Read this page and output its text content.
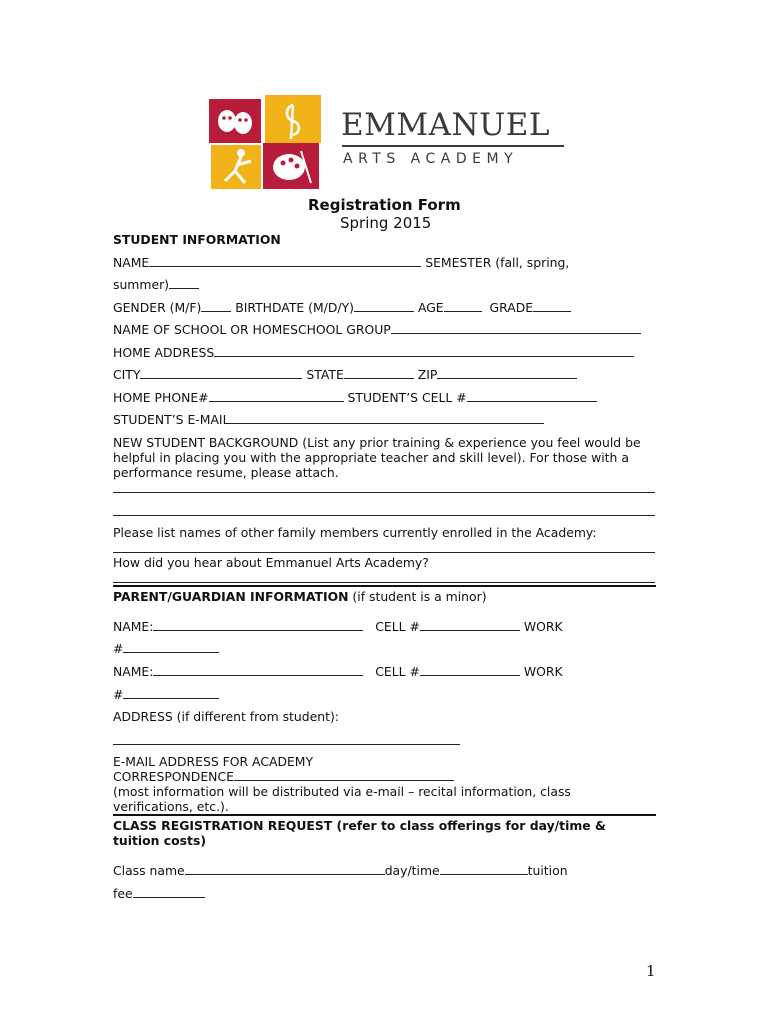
EMMANUEL
ARTS ACADEMY
Registration Form
Spring 2015
STUDENT INFORMATION
NAME	SEMESTER (fall, spring,
summer)
GENDER (M/F)	BIRTHDATE (M/D/Y)	AGE	GRADE
NAME OF SCHOOL OR HOMESCHOOL GROUP
HOME ADDRESS
CITY	STATE	ZIP
HOME PHONE#	STUDENT’S CELL #
STUDENT’S E-MAIL
NEW STUDENT BACKGROUND (List any prior training & experience you feel would be
helpful in placing you with the appropriate teacher and skill level). For those with a
performance resume, please attach.
Please list names of other family members currently enrolled in the Academy:
How did you hear about Emmanuel Arts Academy?
PARENT/GUARDIAN INFORMATION (if student is a minor)
NAME:	CELL #	WORK
#
NAME:	CELL #	WORK
#
ADDRESS (if different from student):
E-MAIL ADDRESS FOR ACADEMY
CORRESPONDENCE
(most information will be distributed via e-mail – recital information, class
verifications, etc.).
CLASS REGISTRATION REQUEST (refer to class offerings for day/time &
tuition costs)
Class name	day/time	tuition
fee
1
